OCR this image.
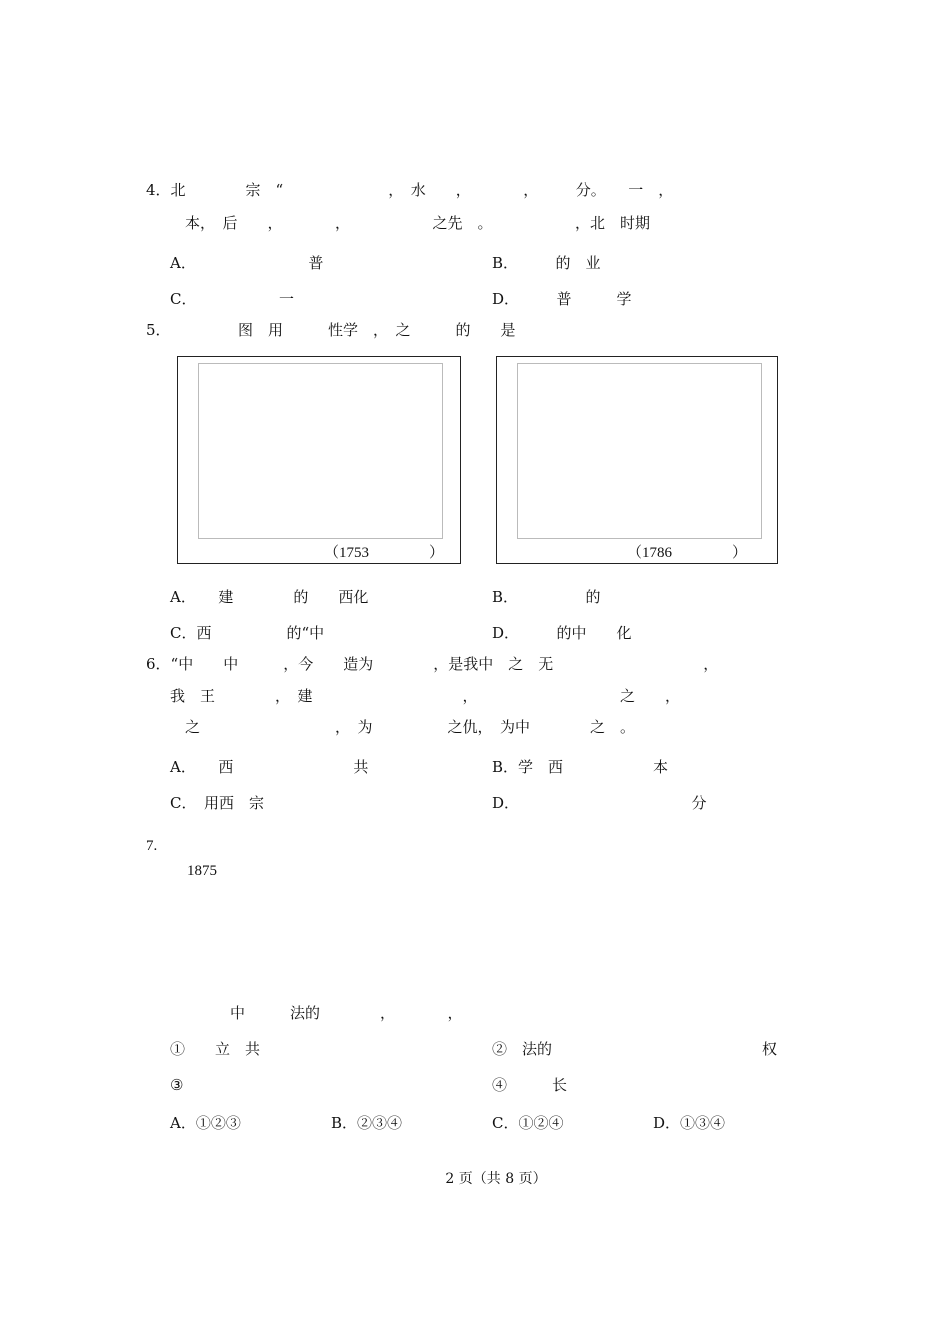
4．北　　　　宗　“　　　　　　　，　水　　，　　　　，　　　分。　　一　，　　　
　本，　后　　，　　　　，　　　　　　之先　。　　　　　　，北　时期
A．　　　　　　　　普	B．　　　的　业　　　　
C．　　　　　　一　　　	D．　　　普　　　学　　
5．　　　　　图　用　　　性学　，　之　　　的　　是
（1753　　　　）	（1786　　　　）
A．　　建　　　　的　　西化	B．　　　　　的　　　　
C．西　　　　　的“中　　　	D．　　　的中　　化　　
6．“中　　中　　　，今　　造为　　　　，是我中　之　无　　　　　　　　　　，　
我　王　　　　，　建　　　　　　　　　　，　　　　　　　　　　之　　，　　　
　之　　　　　　　　　，　为　　　　　之仇，　为中　　　　之　。　　　　　　
A．　　西　　　　　　　　共　　	B．学　西　　　　　　本　　　　
C．　用西　宗　　　　　　　　　	D．　　　　　　　　　　　　分
7.
1875
　　　　中　　　法的　　　　，　　　　，　　　
①　　立　共　　　　　	②　法的　　　　　　　　　　　　　　权
③　　　　　　　　　　	④　　　长　　　　　　　　　　　　　　
A．①②③	B．②③④	C．①②④	D．①③④
　　　2 页（共 8 页）
